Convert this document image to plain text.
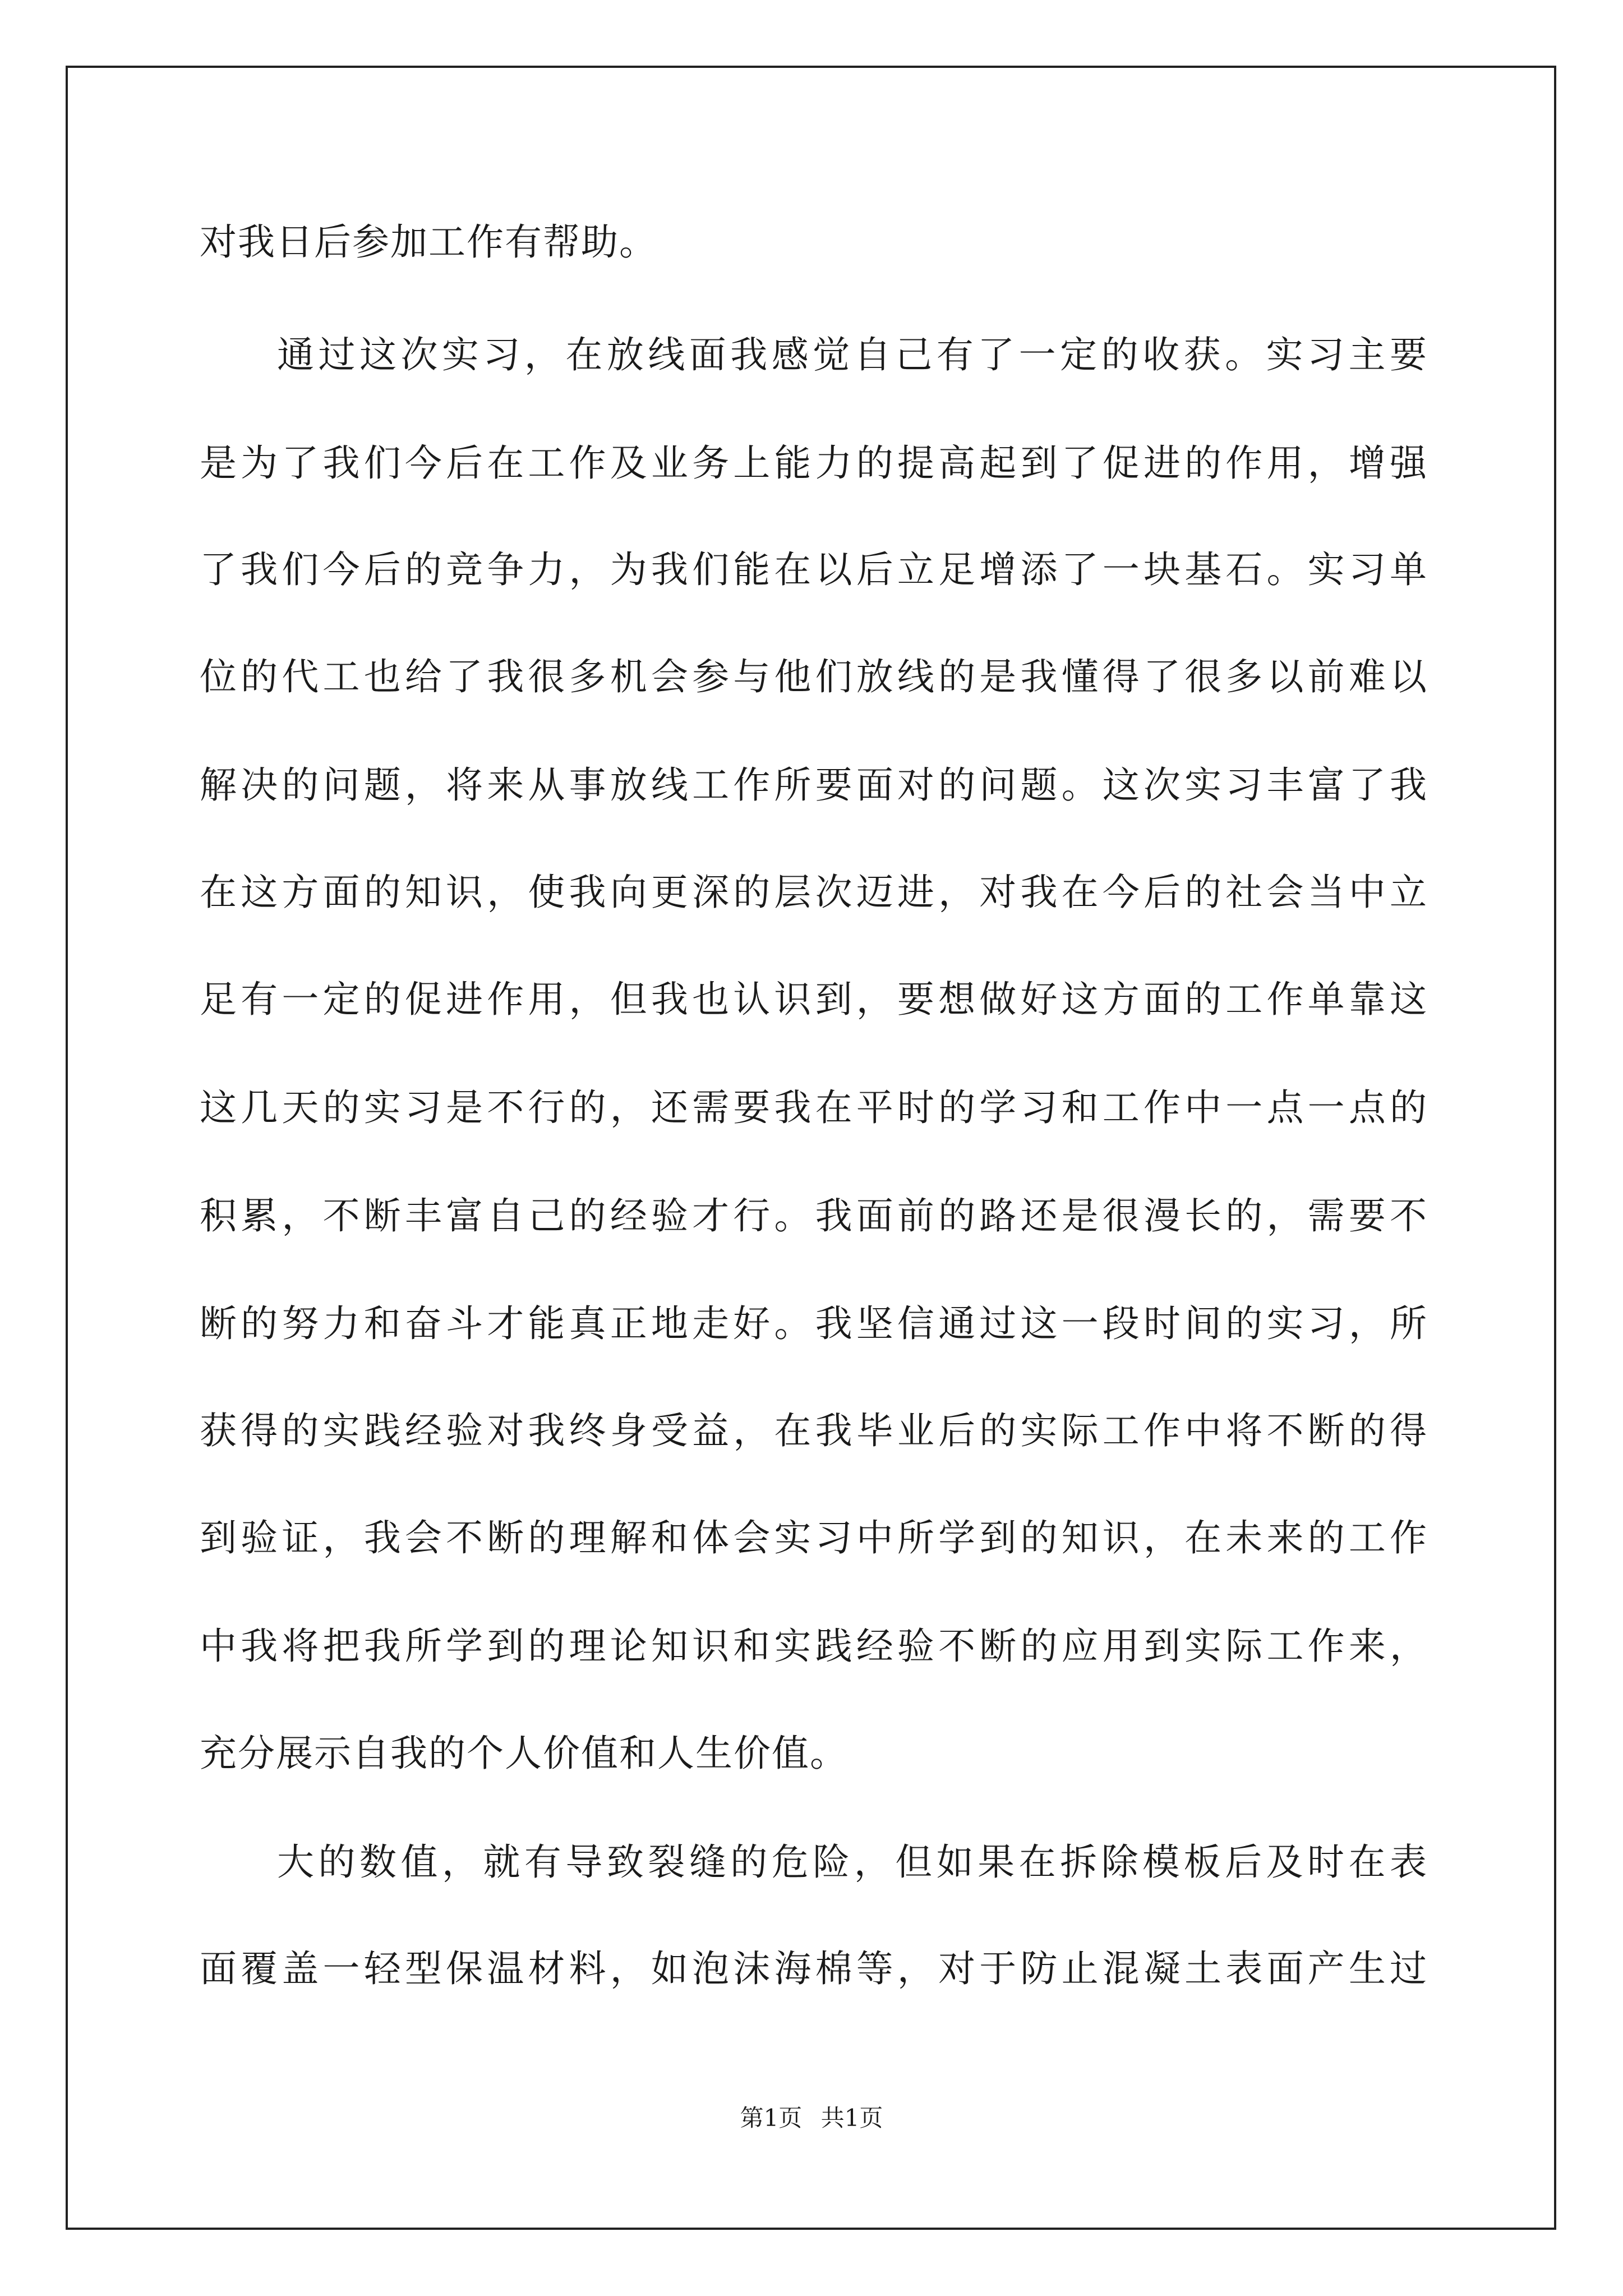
对我日后参加工作有帮助。
通过这次实习，在放线面我感觉自己有了一定的收获。实习主要
是为了我们今后在工作及业务上能力的提高起到了促进的作用，增强
了我们今后的竞争力，为我们能在以后立足增添了一块基石。实习单
位的代工也给了我很多机会参与他们放线的是我懂得了很多以前难以
解决的问题，将来从事放线工作所要面对的问题。这次实习丰富了我
在这方面的知识，使我向更深的层次迈进，对我在今后的社会当中立
足有一定的促进作用，但我也认识到，要想做好这方面的工作单靠这
这几天的实习是不行的，还需要我在平时的学习和工作中一点一点的
积累，不断丰富自己的经验才行。我面前的路还是很漫长的，需要不
断的努力和奋斗才能真正地走好。我坚信通过这一段时间的实习，所
获得的实践经验对我终身受益，在我毕业后的实际工作中将不断的得
到验证，我会不断的理解和体会实习中所学到的知识，在未来的工作
中我将把我所学到的理论知识和实践经验不断的应用到实际工作来，
充分展示自我的个人价值和人生价值。
大的数值，就有导致裂缝的危险，但如果在拆除模板后及时在表
面覆盖一轻型保温材料，如泡沫海棉等，对于防止混凝土表面产生过
第1页 共1页
